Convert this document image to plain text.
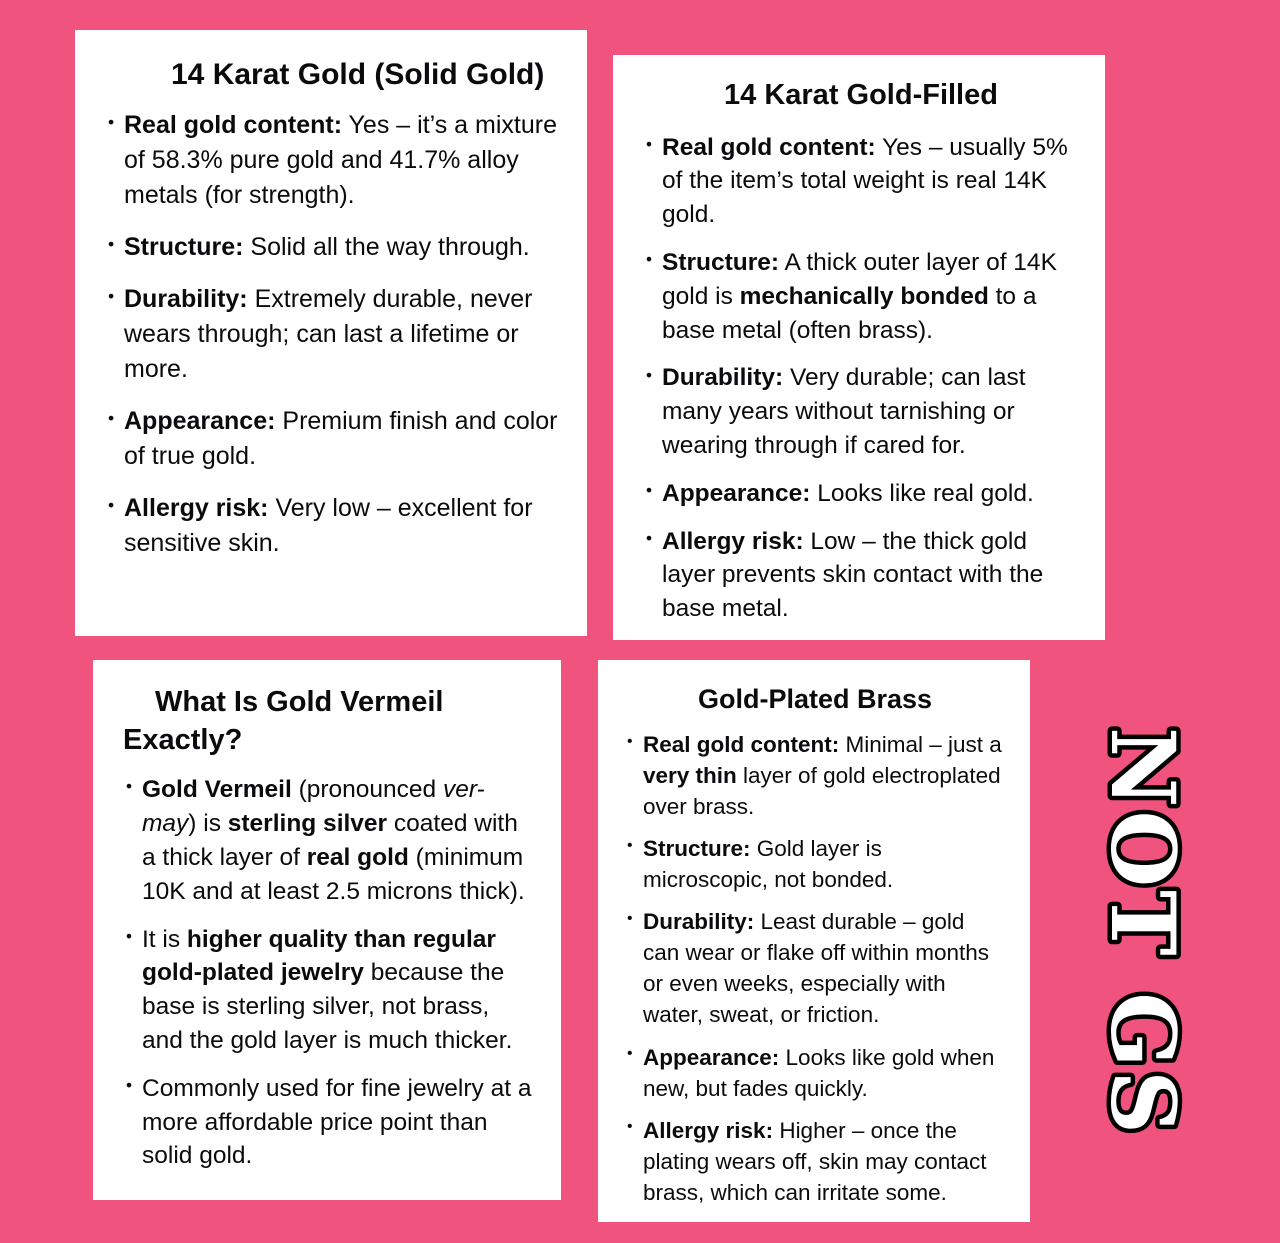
14 Karat Gold (Solid Gold)
• Real gold content: Yes – it’s a mixture of 58.3% pure gold and 41.7% alloy metals (for strength).
• Structure: Solid all the way through.
• Durability: Extremely durable, never wears through; can last a lifetime or more.
• Appearance: Premium finish and color of true gold.
• Allergy risk: Very low – excellent for sensitive skin.
14 Karat Gold-Filled
• Real gold content: Yes – usually 5% of the item’s total weight is real 14K gold.
• Structure: A thick outer layer of 14K gold is mechanically bonded to a base metal (often brass).
• Durability: Very durable; can last many years without tarnishing or wearing through if cared for.
• Appearance: Looks like real gold.
• Allergy risk: Low – the thick gold layer prevents skin contact with the base metal.
What Is Gold Vermeil Exactly?
• Gold Vermeil (pronounced ver-may) is sterling silver coated with a thick layer of real gold (minimum 10K and at least 2.5 microns thick).
• It is higher quality than regular gold-plated jewelry because the base is sterling silver, not brass, and the gold layer is much thicker.
• Commonly used for fine jewelry at a more affordable price point than solid gold.
Gold-Plated Brass
• Real gold content: Minimal – just a very thin layer of gold electroplated over brass.
• Structure: Gold layer is microscopic, not bonded.
• Durability: Least durable – gold can wear or flake off within months or even weeks, especially with water, sweat, or friction.
• Appearance: Looks like gold when new, but fades quickly.
• Allergy risk: Higher – once the plating wears off, skin may contact brass, which can irritate some.
NOT GS
